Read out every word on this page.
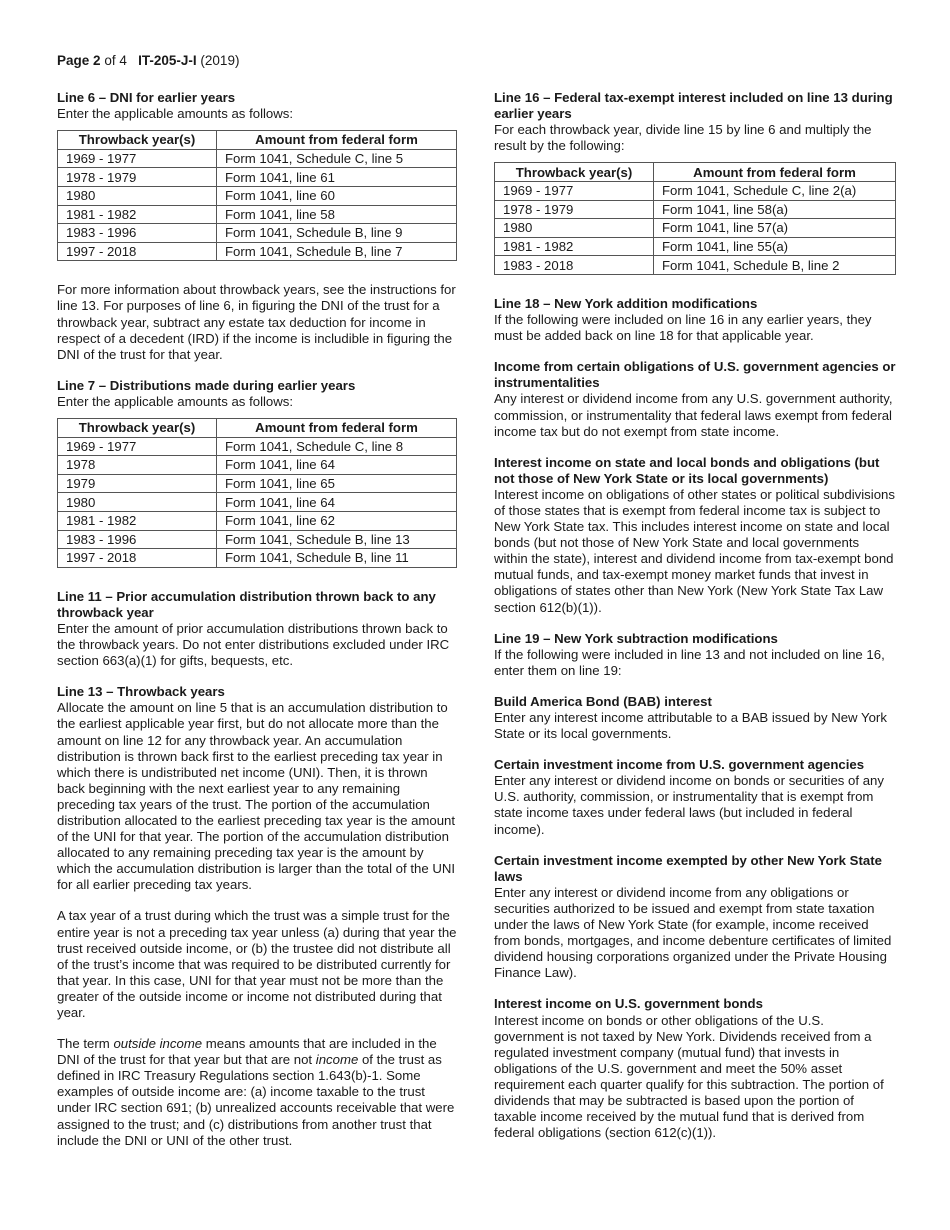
Page 2 of 4 IT-205-J-I (2019)
Line 6 – DNI for earlier years

Enter the applicable amounts as follows:

Throwback year(s)	Amount from federal form
1969 - 1977	Form 1041, Schedule C, line 5
1978 - 1979	Form 1041, line 61
1980	Form 1041, line 60
1981 - 1982	Form 1041, line 58
1983 - 1996	Form 1041, Schedule B, line 9
1997 - 2018	Form 1041, Schedule B, line 7

For more information about throwback years, see the instructions for line 13. For purposes of line 6, in figuring the DNI of the trust for a throwback year, subtract any estate tax deduction for income in respect of a decedent (IRD) if the income is includible in figuring the DNI of the trust for that year.

Line 7 – Distributions made during earlier years

Enter the applicable amounts as follows:

Throwback year(s)	Amount from federal form
1969 - 1977	Form 1041, Schedule C, line 8
1978	Form 1041, line 64
1979	Form 1041, line 65
1980	Form 1041, line 64
1981 - 1982	Form 1041, line 62
1983 - 1996	Form 1041, Schedule B, line 13
1997 - 2018	Form 1041, Schedule B, line 11
Line 11 – Prior accumulation distribution thrown back to any throwback year

Enter the amount of prior accumulation distributions thrown back to the throwback years. Do not enter distributions excluded under IRC section 663(a)(1) for gifts, bequests, etc.

Line 13 – Throwback years

Allocate the amount on line 5 that is an accumulation distribution to the earliest applicable year first, but do not allocate more than the amount on line 12 for any throwback year. An accumulation distribution is thrown back first to the earliest preceding tax year in which there is undistributed net income (UNI). Then, it is thrown back beginning with the next earliest year to any remaining preceding tax years of the trust. The portion of the accumulation distribution allocated to the earliest preceding tax year is the amount of the UNI for that year. The portion of the accumulation distribution allocated to any remaining preceding tax year is the amount by which the accumulation distribution is larger than the total of the UNI for all earlier preceding tax years.

A tax year of a trust during which the trust was a simple trust for the entire year is not a preceding tax year unless (a) during that year the trust received outside income, or (b) the trustee did not distribute all of the trust’s income that was required to be distributed currently for that year. In this case, UNI for that year must not be more than the greater of the outside income or income not distributed during that year.

The term outside income means amounts that are included in the DNI of the trust for that year but that are not income of the trust as defined in IRC Treasury Regulations section 1.643(b)-1. Some examples of outside income are: (a) income taxable to the trust under IRC section 691; (b) unrealized accounts receivable that were assigned to the trust; and (c) distributions from another trust that include the DNI or UNI of the other trust.

Line 16 – Federal tax-exempt interest included on line 13 during earlier years

For each throwback year, divide line 15 by line 6 and multiply the result by the following:

Throwback year(s)	Amount from federal form
1969 - 1977	Form 1041, Schedule C, line 2(a)
1978 - 1979	Form 1041, line 58(a)
1980	Form 1041, line 57(a)
1981 - 1982	Form 1041, line 55(a)
1983 - 2018	Form 1041, Schedule B, line 2
Line 18 – New York addition modifications

If the following were included on line 16 in any earlier years, they must be added back on line 18 for that applicable year.

Income from certain obligations of U.S. government agencies or instrumentalities

Any interest or dividend income from any U.S. government authority, commission, or instrumentality that federal laws exempt from federal income tax but do not exempt from state income.

Interest income on state and local bonds and obligations (but not those of New York State or its local governments)

Interest income on obligations of other states or political subdivisions of those states that is exempt from federal income tax is subject to New York State tax. This includes interest income on state and local bonds (but not those of New York State and local governments within the state), interest and dividend income from tax-exempt bond mutual funds, and tax-exempt money market funds that invest in obligations of states other than New York (New York State Tax Law section 612(b)(1)).

Line 19 – New York subtraction modifications

If the following were included in line 13 and not included on line 16, enter them on line 19:

Build America Bond (BAB) interest

Enter any interest income attributable to a BAB issued by New York State or its local governments.

Certain investment income from U.S. government agencies

Enter any interest or dividend income on bonds or securities of any U.S. authority, commission, or instrumentality that is exempt from state income taxes under federal laws (but included in federal income).

Certain investment income exempted by other New York State laws

Enter any interest or dividend income from any obligations or securities authorized to be issued and exempt from state taxation under the laws of New York State (for example, income received from bonds, mortgages, and income debenture certificates of limited dividend housing corporations organized under the Private Housing Finance Law).

Interest income on U.S. government bonds

Interest income on bonds or other obligations of the U.S. government is not taxed by New York. Dividends received from a regulated investment company (mutual fund) that invests in obligations of the U.S. government and meet the 50% asset requirement each quarter qualify for this subtraction. The portion of dividends that may be subtracted is based upon the portion of taxable income received by the mutual fund that is derived from federal obligations (section 612(c)(1)).
